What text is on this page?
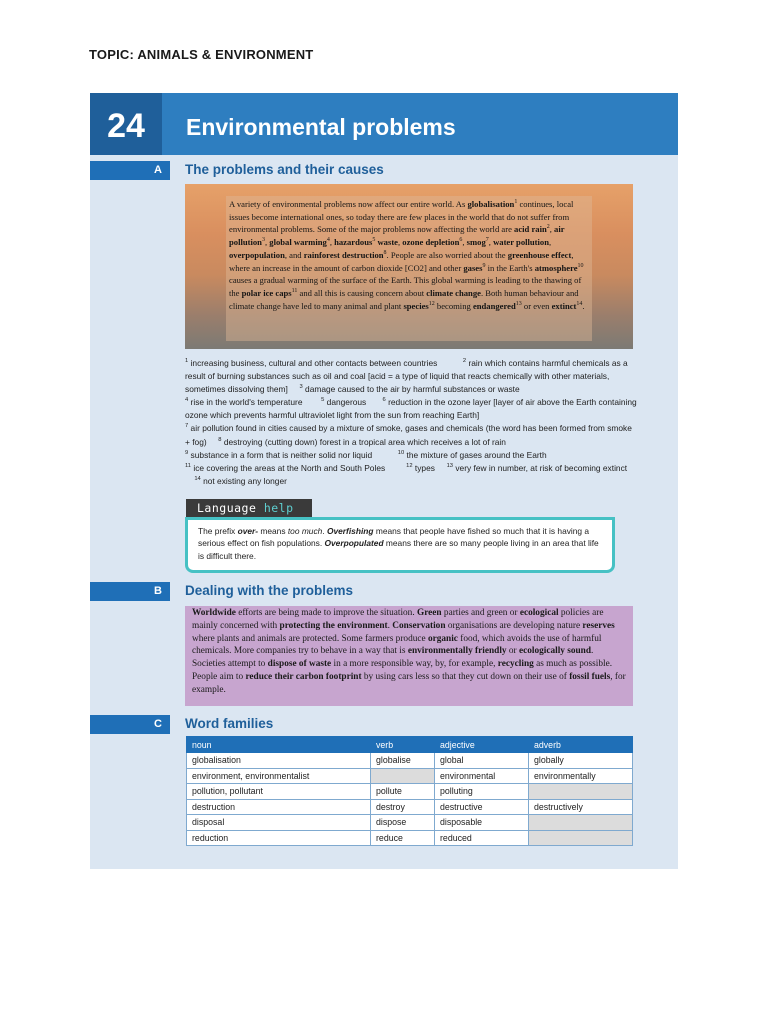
TOPIC: ANIMALS & ENVIRONMENT
24	Environmental problems
A	The problems and their causes
A variety of environmental problems now affect our entire world. As globalisation$^1$ continues, local issues become international ones, so today there are few places in the world that do not suffer from environmental problems. Some of the major problems now affecting the world are acid rain$^2$, air pollution$^3$, global warming$^4$, hazardous$^5$ waste, ozone depletion$^6$, smog$^7$, water pollution, overpopulation, and rainforest destruction$^8$. People are also worried about the greenhouse effect, where an increase in the amount of carbon dioxide [CO2] and other gases$^9$ in the Earth's atmosphere$^{10}$ causes a gradual warming of the surface of the Earth. This global warming is leading to the thawing of the polar ice caps$^{11}$ and all this is causing concern about climate change. Both human behaviour and climate change have led to many animal and plant species$^{12}$ becoming endangered$^{13}$ or even extinct$^{14}$.
$^1$ increasing business, cultural and other contacts between countries           $^2$ rain which contains harmful chemicals as a result of burning substances such as oil and coal [acid = a type of liquid that reacts chemically with other materials, sometimes dissolving them]     $^3$ damage caused to the air by harmful substances or waste
$^4$ rise in the world's temperature        $^5$ dangerous       $^6$ reduction in the ozone layer [layer of air above the Earth containing ozone which prevents harmful ultraviolet light from the sun from reaching Earth]
$^7$ air pollution found in cities caused by a mixture of smoke, gases and chemicals (the word has been formed from smoke + fog)     $^8$ destroying (cutting down) forest in a tropical area which receives a lot of rain
$^9$ substance in a form that is neither solid nor liquid           $^{10}$ the mixture of gases around the Earth
$^{11}$ ice covering the areas at the North and South Poles         $^{12}$ types     $^{13}$ very few in number, at risk of becoming extinct     $^{14}$ not existing any longer
Language help
The prefix over- means too much. Overfishing means that people have fished so much that it is having a serious effect on fish populations. Overpopulated means there are so many people living in an area that life is difficult there.
B	Dealing with the problems
Worldwide efforts are being made to improve the situation. Green parties and green or ecological policies are mainly concerned with protecting the environment. Conservation organisations are developing nature reserves where plants and animals are protected. Some farmers produce organic food, which avoids the use of harmful chemicals. More companies try to behave in a way that is environmentally friendly or ecologically sound. Societies attempt to dispose of waste in a more responsible way, by, for example, recycling as much as possible. People aim to reduce their carbon footprint by using cars less so that they cut down on their use of fossil fuels, for example.
C	Word families
noun	verb	adjective	adverb
globalisation	globalise	global	globally
environment, environmentalist		environmental	environmentally
pollution, pollutant	pollute	polluting	
destruction	destroy	destructive	destructively
disposal	dispose	disposable	
reduction	reduce	reduced	
